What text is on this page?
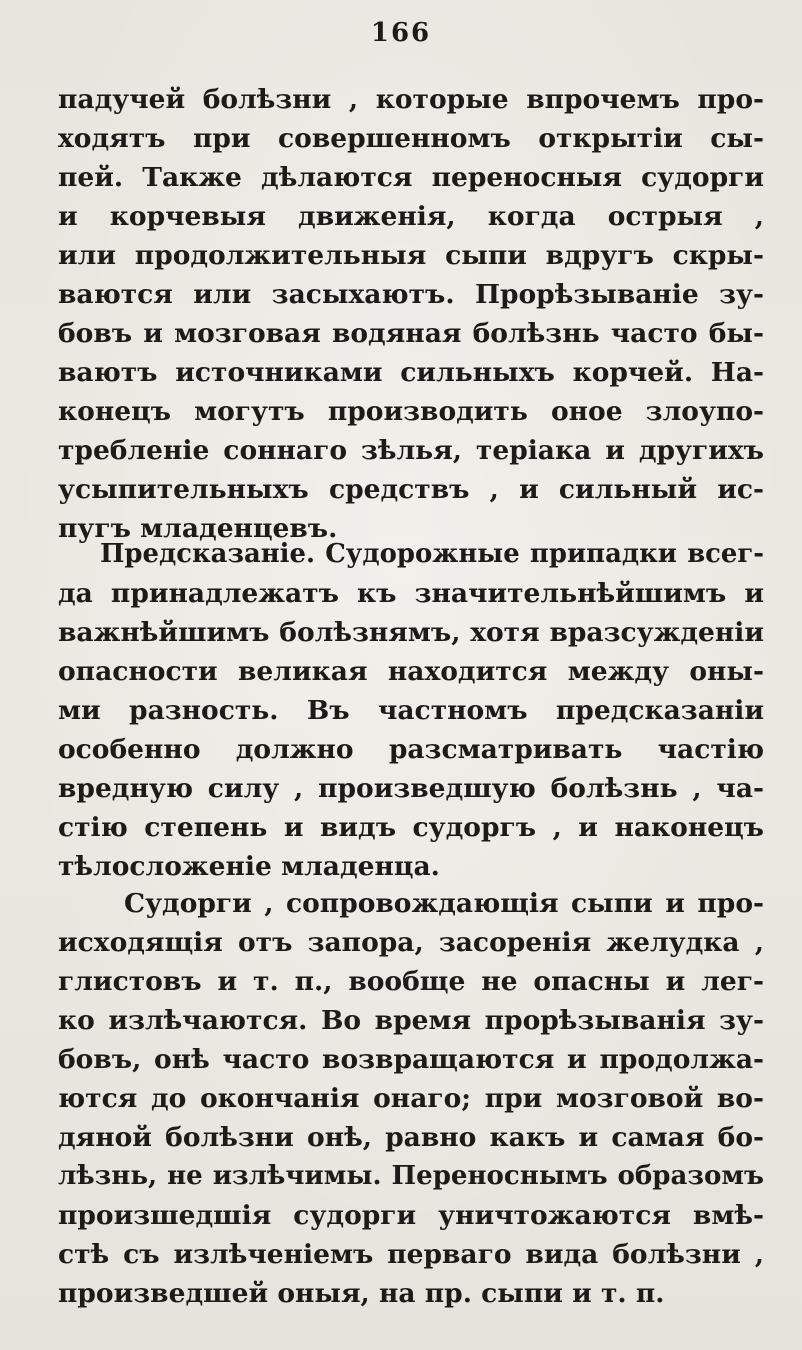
166
падучей болѣзни , которые впрочемъ про-
ходятъ при совершенномъ открытіи сы-
пей. Также дѣлаются переносныя судорги
и корчевыя движенія, когда острыя ,
или продолжительныя сыпи вдругъ скры-
ваются или засыхаютъ. Прорѣзываніе зу-
бовъ и мозговая водяная болѣзнь часто бы-
ваютъ источниками сильныхъ корчей. На-
конецъ могутъ производить оное злоупо-
требленіе соннаго зѣлья, теріака и другихъ
усыпительныхъ средствъ , и сильный ис-
пугъ младенцевъ.
Предсказаніе. Судорожные припадки всег-
да принадлежатъ къ значительнѣйшимъ и
важнѣйшимъ болѣзнямъ, хотя вразсужденіи
опасности великая находится между оны-
ми разность. Въ частномъ предсказаніи
особенно должно разсматривать частію
вредную силу , произведшую болѣзнь , ча-
стію степень и видъ судоргъ , и наконецъ
тѣлосложеніе младенца.
Судорги , сопровождающія сыпи и про-
исходящія отъ запора, засоренія желудка ,
глистовъ и т. п., вообще не опасны и лег-
ко излѣчаются. Во время прорѣзыванія зу-
бовъ, онѣ часто возвращаются и продолжа-
ются до окончанія онаго; при мозговой во-
дяной болѣзни онѣ, равно какъ и самая бо-
лѣзнь, не излѣчимы. Переноснымъ образомъ
произшедшія судорги уничтожаются вмѣ-
стѣ съ излѣченіемъ перваго вида болѣзни ,
произведшей оныя, на пр. сыпи и т. п.
